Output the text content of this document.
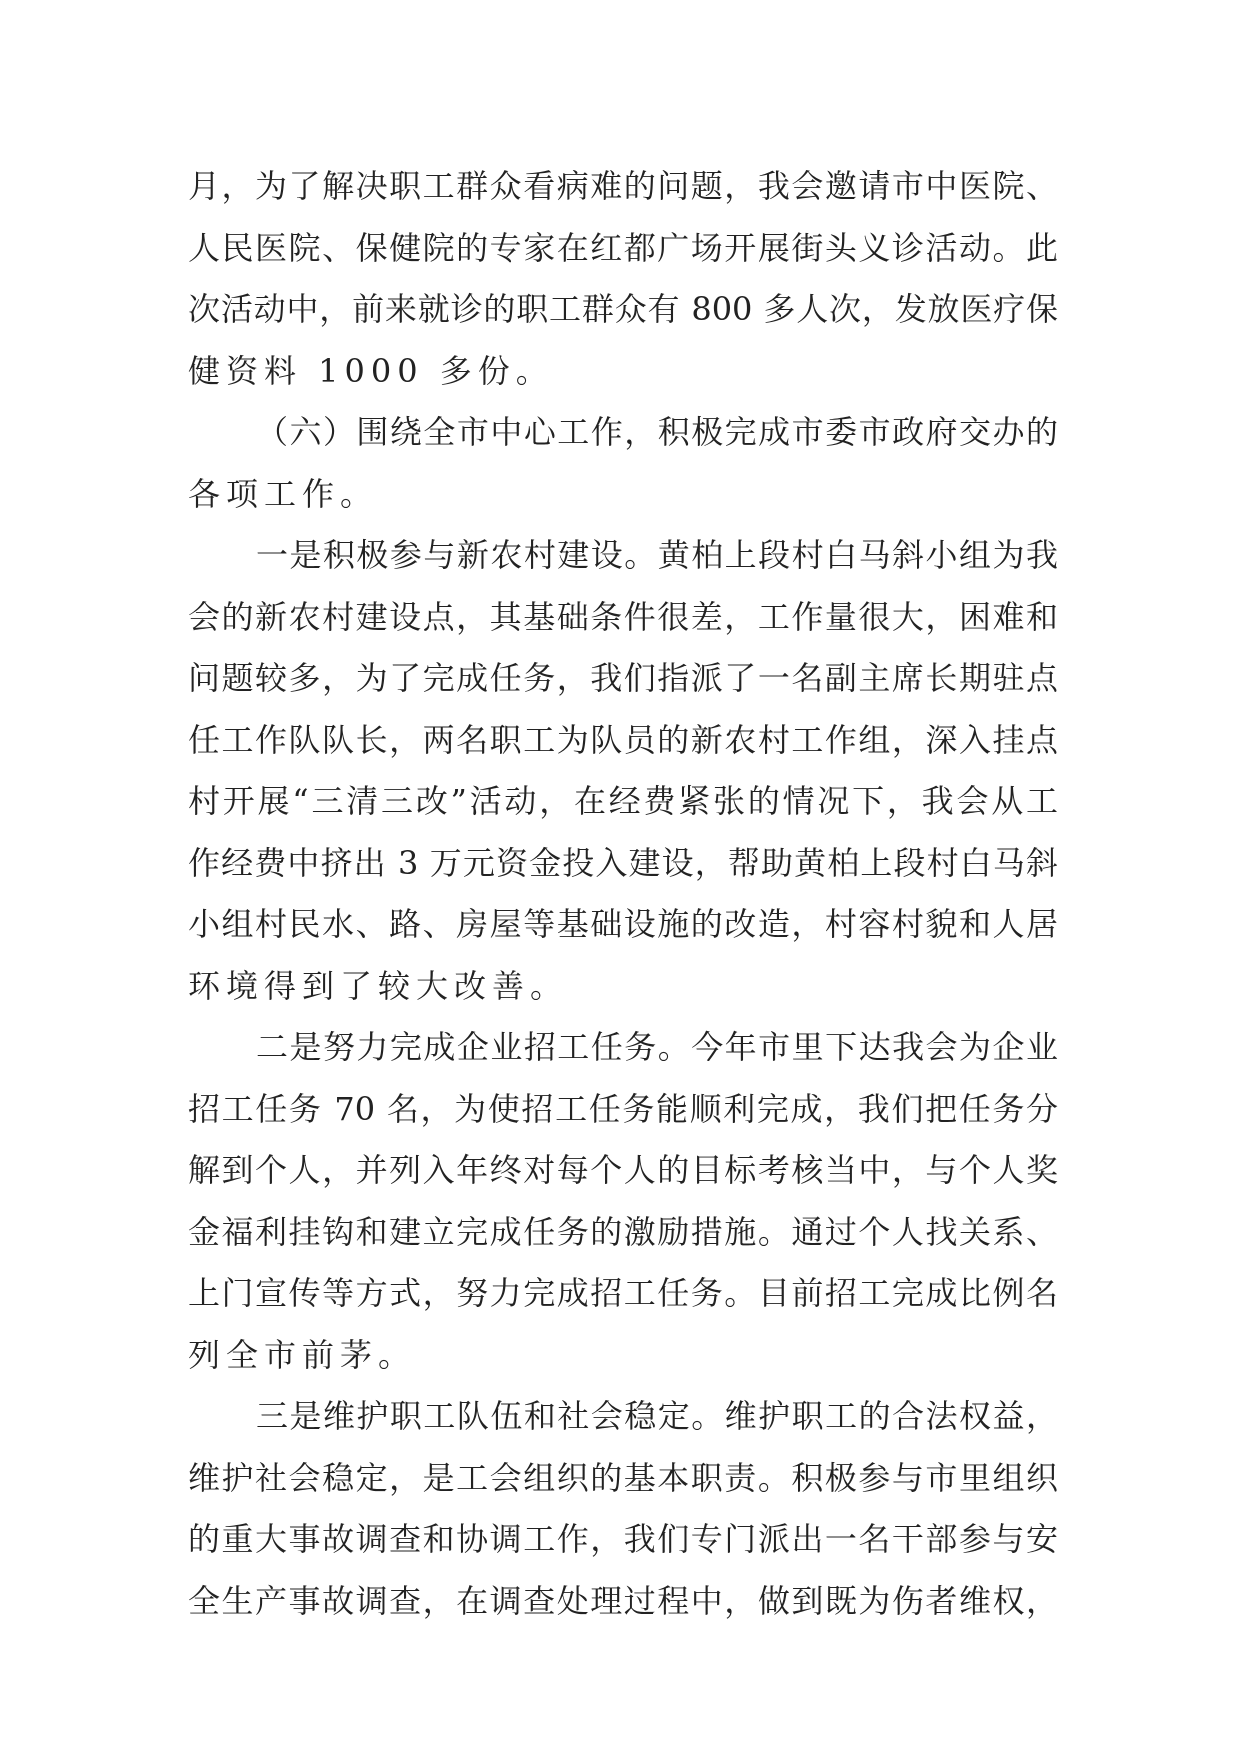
月，为了解决职工群众看病难的问题，我会邀请市中医院、
人民医院、保健院的专家在红都广场开展街头义诊活动。此
次活动中，前来就诊的职工群众有 800 多人次，发放医疗保
健资料 1000 多份。
（六）围绕全市中心工作，积极完成市委市政府交办的
各项工作。
一是积极参与新农村建设。黄柏上段村白马斜小组为我
会的新农村建设点，其基础条件很差，工作量很大，困难和
问题较多，为了完成任务，我们指派了一名副主席长期驻点
任工作队队长，两名职工为队员的新农村工作组，深入挂点
村开展“三清三改”活动，在经费紧张的情况下，我会从工
作经费中挤出 3 万元资金投入建设，帮助黄柏上段村白马斜
小组村民水、路、房屋等基础设施的改造，村容村貌和人居
环境得到了较大改善。
二是努力完成企业招工任务。今年市里下达我会为企业
招工任务 70 名，为使招工任务能顺利完成，我们把任务分
解到个人，并列入年终对每个人的目标考核当中，与个人奖
金福利挂钩和建立完成任务的激励措施。通过个人找关系、
上门宣传等方式，努力完成招工任务。目前招工完成比例名
列全市前茅。
三是维护职工队伍和社会稳定。维护职工的合法权益，
维护社会稳定，是工会组织的基本职责。积极参与市里组织
的重大事故调查和协调工作，我们专门派出一名干部参与安
全生产事故调查，在调查处理过程中，做到既为伤者维权，
